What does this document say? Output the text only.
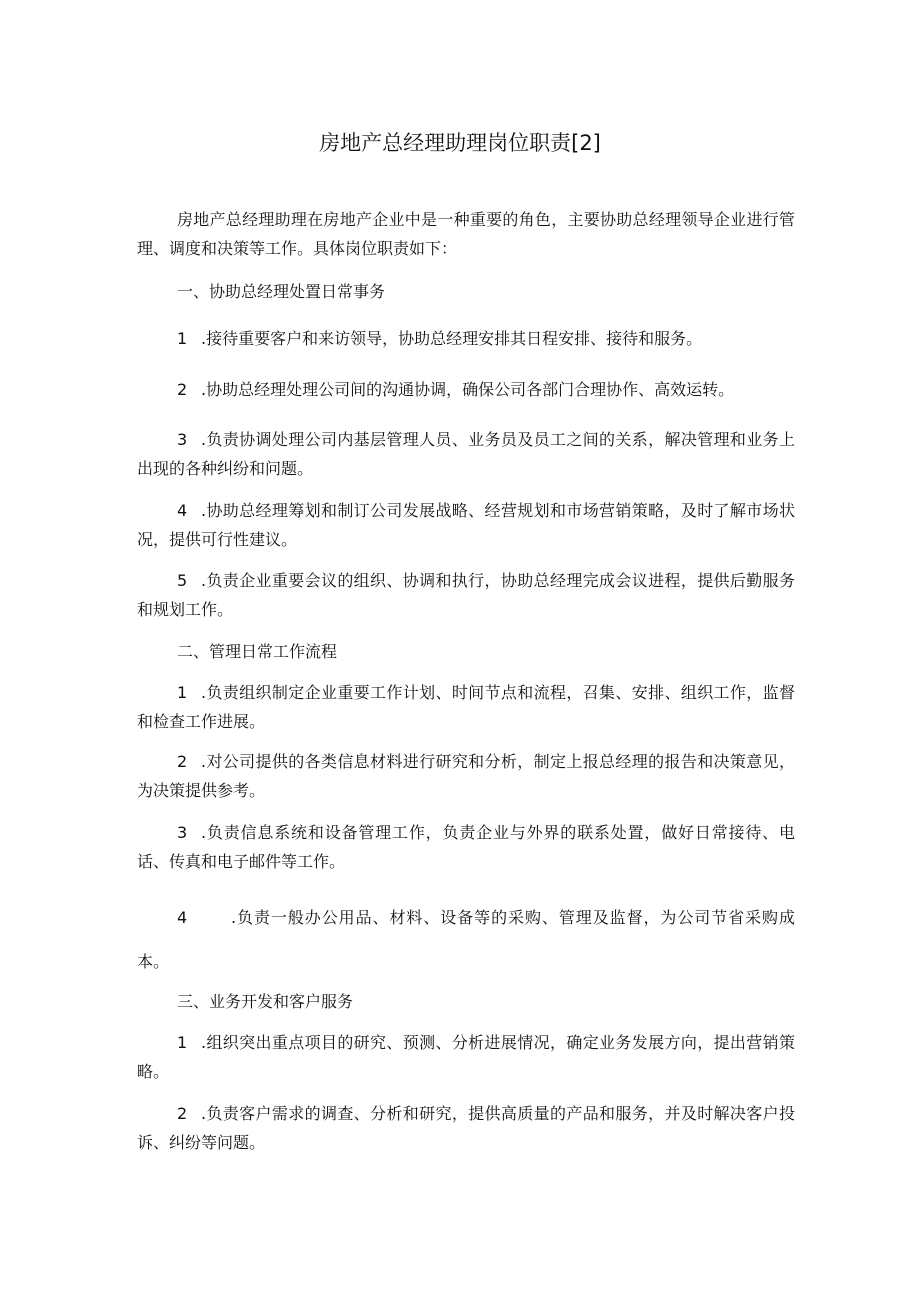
房地产总经理助理岗位职责[2]

房地产总经理助理在房地产企业中是一种重要的角色，主要协助总经理领导企业进行管理、调度和决策等工作。具体岗位职责如下：

一、协助总经理处置日常事务

1 .接待重要客户和来访领导，协助总经理安排其日程安排、接待和服务。

2 .协助总经理处理公司间的沟通协调，确保公司各部门合理协作、高效运转。

3 .负责协调处理公司内基层管理人员、业务员及员工之间的关系，解决管理和业务上出现的各种纠纷和问题。

4 .协助总经理筹划和制订公司发展战略、经营规划和市场营销策略，及时了解市场状况，提供可行性建议。

5 .负责企业重要会议的组织、协调和执行，协助总经理完成会议进程，提供后勤服务和规划工作。

二、管理日常工作流程

1 .负责组织制定企业重要工作计划、时间节点和流程，召集、安排、组织工作，监督和检查工作进展。

2 .对公司提供的各类信息材料进行研究和分析，制定上报总经理的报告和决策意见，为决策提供参考。

3 .负责信息系统和设备管理工作，负责企业与外界的联系处置，做好日常接待、电话、传真和电子邮件等工作。

4	.负责一般办公用品、材料、设备等的采购、管理及监督，为公司节省采购成本。

三、业务开发和客户服务

1 .组织突出重点项目的研究、预测、分析进展情况，确定业务发展方向，提出营销策略。

2 .负责客户需求的调查、分析和研究，提供高质量的产品和服务，并及时解决客户投诉、纠纷等问题。
